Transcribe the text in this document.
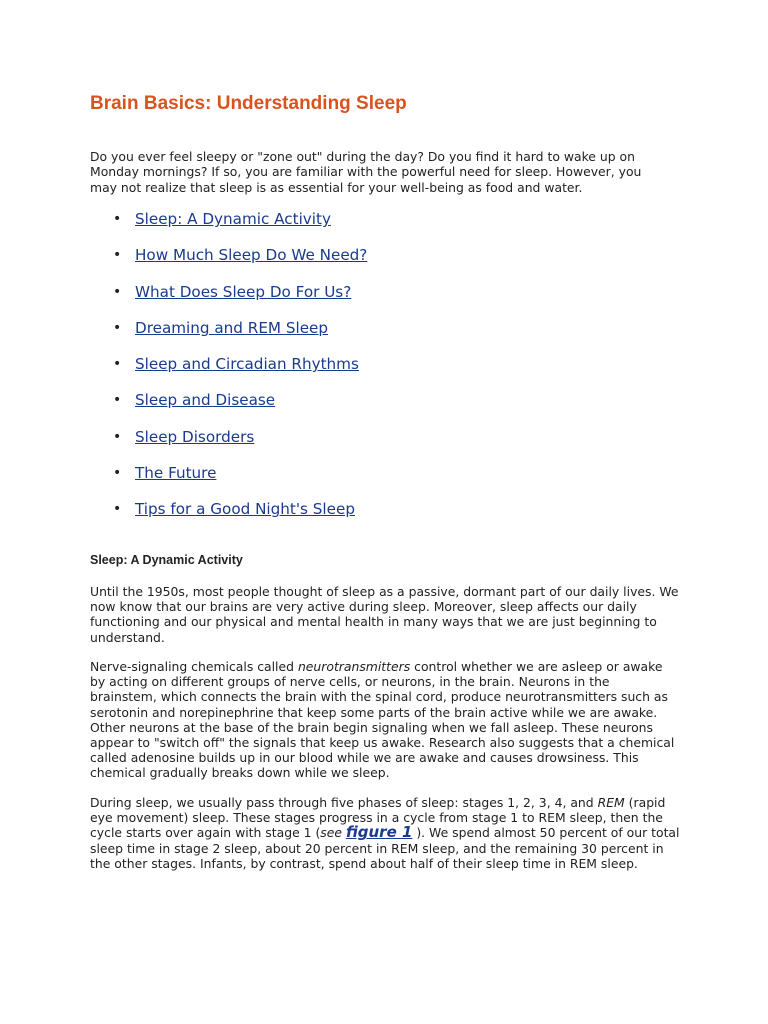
Brain Basics: Understanding Sleep

Do you ever feel sleepy or "zone out" during the day? Do you find it hard to wake up on Monday mornings? If so, you are familiar with the powerful need for sleep. However, you may not realize that sleep is as essential for your well-being as food and water.

• Sleep: A Dynamic Activity
• How Much Sleep Do We Need?
• What Does Sleep Do For Us?
• Dreaming and REM Sleep
• Sleep and Circadian Rhythms
• Sleep and Disease
• Sleep Disorders
• The Future
• Tips for a Good Night's Sleep
Sleep: A Dynamic Activity

Until the 1950s, most people thought of sleep as a passive, dormant part of our daily lives. We now know that our brains are very active during sleep. Moreover, sleep affects our daily functioning and our physical and mental health in many ways that we are just beginning to understand.

Nerve-signaling chemicals called neurotransmitters control whether we are asleep or awake by acting on different groups of nerve cells, or neurons, in the brain. Neurons in the brainstem, which connects the brain with the spinal cord, produce neurotransmitters such as serotonin and norepinephrine that keep some parts of the brain active while we are awake. Other neurons at the base of the brain begin signaling when we fall asleep. These neurons appear to "switch off" the signals that keep us awake. Research also suggests that a chemical called adenosine builds up in our blood while we are awake and causes drowsiness. This chemical gradually breaks down while we sleep.

During sleep, we usually pass through five phases of sleep: stages 1, 2, 3, 4, and REM (rapid eye movement) sleep. These stages progress in a cycle from stage 1 to REM sleep, then the cycle starts over again with stage 1 (see figure 1 ). We spend almost 50 percent of our total sleep time in stage 2 sleep, about 20 percent in REM sleep, and the remaining 30 percent in the other stages. Infants, by contrast, spend about half of their sleep time in REM sleep.
